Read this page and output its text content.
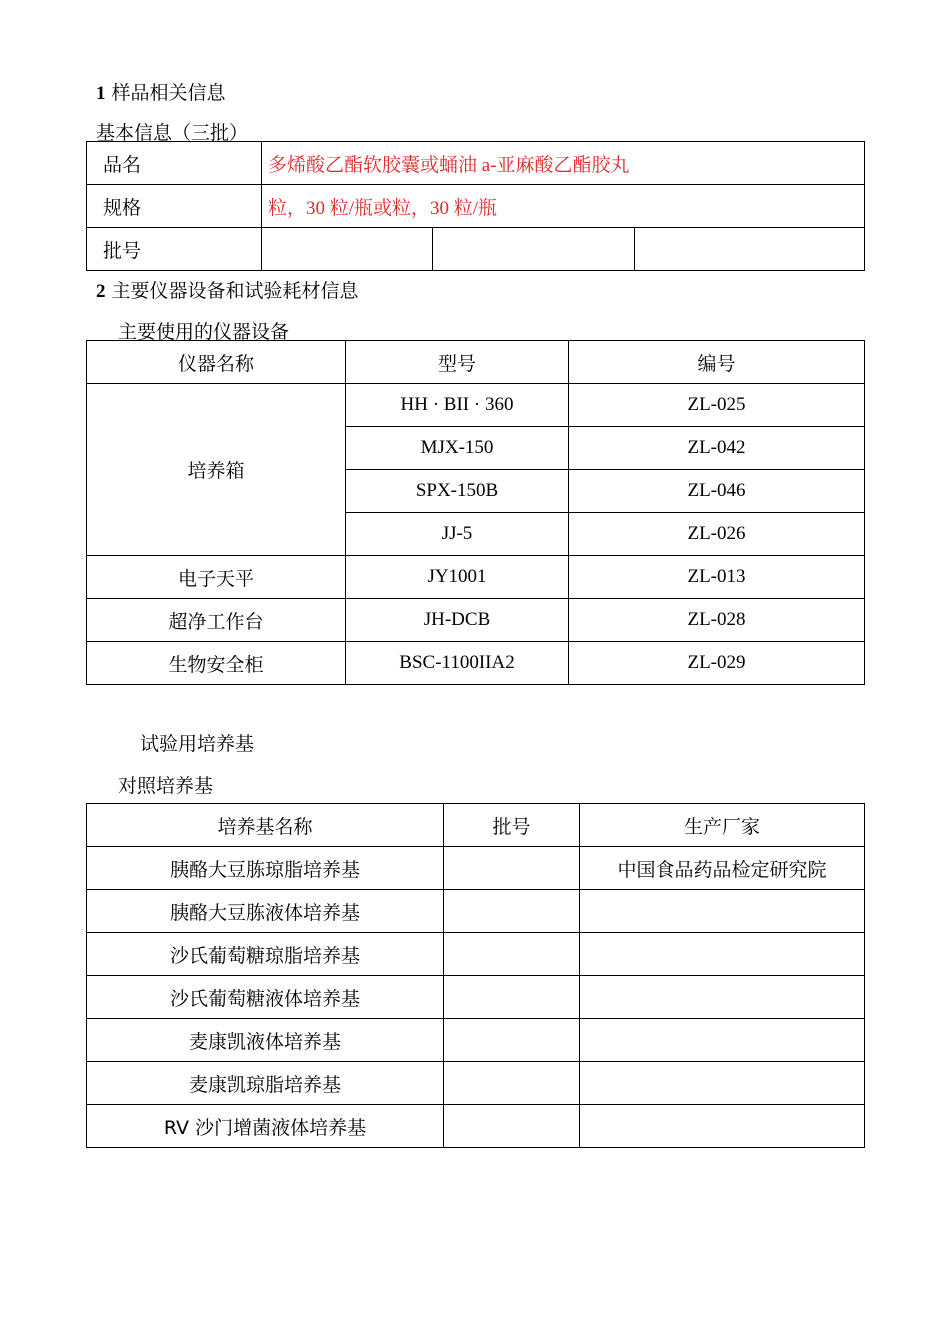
1 样品相关信息
基本信息（三批）
品名	多烯酸乙酯软胶囊或蛹油 a-亚麻酸乙酯胶丸		
规格	粒，30 粒/瓶或粒，30 粒/瓶		
批号			
2 主要仪器设备和试验耗材信息
主要使用的仪器设备
仪器名称	型号	编号
培养箱	HH · BII · 360	ZL-025
	MJX-150	ZL-042
	SPX-150B	ZL-046
	JJ-5	ZL-026
电子天平	JY1001	ZL-013
超净工作台	JH-DCB	ZL-028
生物安全柜	BSC-1100IIA2	ZL-029
试验用培养基
对照培养基
培养基名称	批号	生产厂家
胰酪大豆胨琼脂培养基		中国食品药品检定研究院
胰酪大豆胨液体培养基		
沙氏葡萄糖琼脂培养基		
沙氏葡萄糖液体培养基		
麦康凯液体培养基		
麦康凯琼脂培养基		
RV 沙门增菌液体培养基		
